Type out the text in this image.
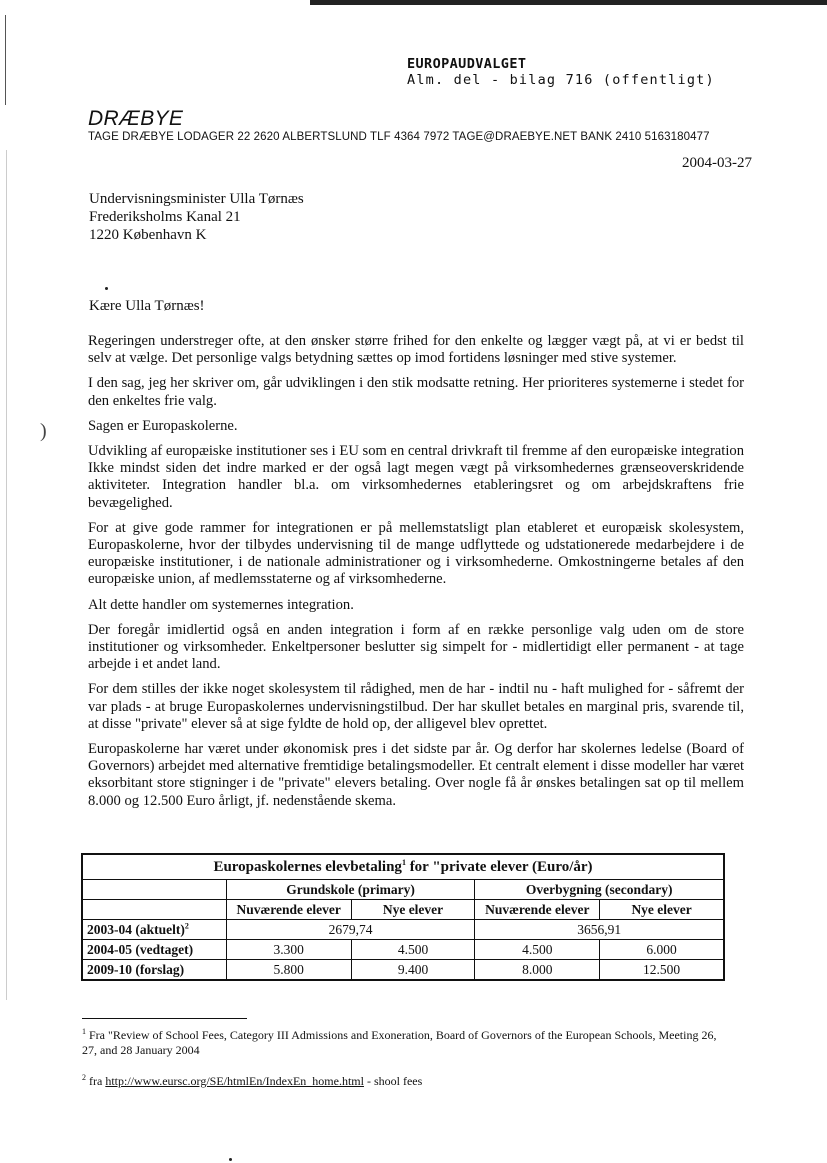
)
EUROPAUDVALGET
Alm. del - bilag 716 (offentligt)
DRÆBYE
TAGE DRÆBYE LODAGER 22 2620 ALBERTSLUND TLF 4364 7972 TAGE@DRAEBYE.NET BANK 2410 5163180477
2004-03-27
Undervisningsminister Ulla Tørnæs
Frederiksholms Kanal 21
1220 København K
Kære Ulla Tørnæs!

Regeringen understreger ofte, at den ønsker større frihed for den enkelte og lægger vægt på, at vi er bedst til selv at vælge. Det personlige valgs betydning sættes op imod fortidens løsninger med stive systemer.

I den sag, jeg her skriver om, går udviklingen i den stik modsatte retning. Her prioriteres systemerne i stedet for den enkeltes frie valg.

Sagen er Europaskolerne.

Udvikling af europæiske institutioner ses i EU som en central drivkraft til fremme af den europæiske integration Ikke mindst siden det indre marked er der også lagt megen vægt på virksomhedernes grænseoverskridende aktiviteter. Integration handler bl.a. om virksomhedernes etableringsret og om arbejdskraftens frie bevægelighed.

For at give gode rammer for integrationen er på mellemstatsligt plan etableret et europæisk skolesystem, Europaskolerne, hvor der tilbydes undervisning til de mange udflyttede og udstationerede medarbejdere i de europæiske institutioner, i de nationale administrationer og i virksomhederne. Omkostningerne betales af den europæiske union, af medlemsstaterne og af virksomhederne.

Alt dette handler om systemernes integration.

Der foregår imidlertid også en anden integration i form af en række personlige valg uden om de store institutioner og virksomheder. Enkeltpersoner beslutter sig simpelt for - midlertidigt eller permanent - at tage arbejde i et andet land.

For dem stilles der ikke noget skolesystem til rådighed, men de har - indtil nu - haft mulighed for - såfremt der var plads - at bruge Europaskolernes undervisningstilbud. Der har skullet betales en marginal pris, svarende til, at disse "private" elever så at sige fyldte de hold op, der alligevel blev oprettet.

Europaskolerne har været under økonomisk pres i det sidste par år. Og derfor har skolernes ledelse (Board of Governors) arbejdet med alternative fremtidige betalingsmodeller. Et centralt element i disse modeller har været eksorbitant store stigninger i de "private" elevers betaling. Over nogle få år ønskes betalingen sat op til mellem 8.000 og 12.500 Euro årligt, jf. nedenstående skema.

Europaskolernes elevbetaling$^1$ for "private elever (Euro/år)				
	Grundskole (primary)		Overbygning (secondary)	
	Nuværende elever	Nye elever	Nuværende elever	Nye elever
2003-04 (aktuelt)$^2$	2679,74		3656,91	
2004-05 (vedtaget)	3.300	4.500	4.500	6.000
2009-10 (forslag)	5.800	9.400	8.000	12.500

$^1$ Fra "Review of School Fees, Category III Admissions and Exoneration, Board of Governors of the European Schools, Meeting 26, 27, and 28 January 2004

$^2$ fra http://www.eursc.org/SE/htmlEn/IndexEn_home.html - shool fees
